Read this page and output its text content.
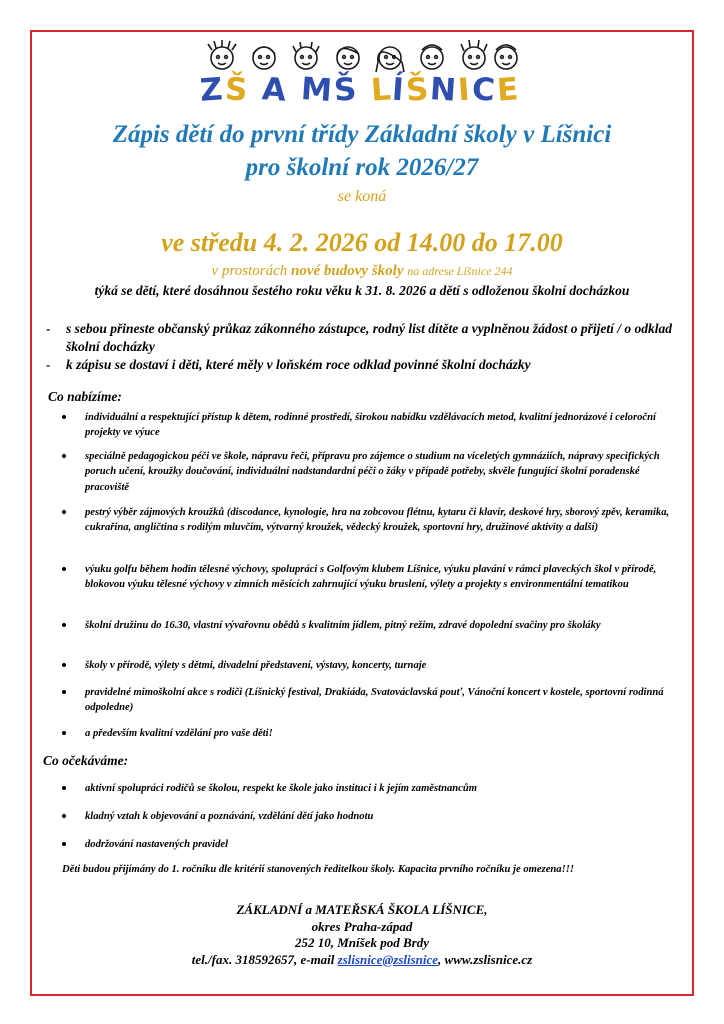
ZŠ A MŠ LÍŠNICE
Zápis dětí do první třídy Základní školy v Líšnici
pro školní rok 2026/27
se koná
ve středu 4. 2. 2026 od 14.00 do 17.00
v prostorách nové budovy školy na adrese Líšnice 244
týká se dětí, které dosáhnou šestého roku věku k 31. 8. 2026 a dětí s odloženou školní docházkou
- s sebou přineste občanský průkaz zákonného zástupce, rodný list dítěte a vyplněnou žádost o přijetí / o odklad školní docházky
- k zápisu se dostaví i děti, které měly v loňském roce odklad povinné školní docházky
Co nabízíme:
individuální a respektující přístup k dětem, rodinné prostředí, širokou nabídku vzdělávacích metod, kvalitní jednorázové i celoroční projekty ve výuce
speciálně pedagogickou péči ve škole, nápravu řeči, přípravu pro zájemce o studium na víceletých gymnáziích, nápravy specifických poruch učení, kroužky doučování, individuální nadstandardní péči o žáky v případě potřeby, skvěle fungující školní poradenské pracoviště
pestrý výběr zájmových kroužků (discodance, kynologie, hra na zobcovou flétnu, kytaru či klavír, deskové hry, sborový zpěv, keramika, cukrařina, angličtina s rodilým mluvčím, výtvarný kroužek, vědecký kroužek, sportovní hry, družinové aktivity a další)
výuku golfu během hodin tělesné výchovy, spolupráci s Golfovým klubem Líšnice, výuku plavání v rámci plaveckých škol v přírodě, blokovou výuku tělesné výchovy v zimních měsících zahrnující výuku bruslení, výlety a projekty s environmentální tematikou
školní družinu do 16.30, vlastní vývařovnu obědů s kvalitním jídlem, pitný režim, zdravé dopolední svačiny pro školáky
školy v přírodě, výlety s dětmi, divadelní představení, výstavy, koncerty, turnaje
pravidelné mimoškolní akce s rodiči (Líšnický festival, Drakiáda, Svatováclavská pouť, Vánoční koncert v kostele, sportovní rodinná odpoledne)
a především kvalitní vzdělání pro vaše děti!
Co očekáváme:
aktivní spolupráci rodičů se školou, respekt ke škole jako instituci i k jejím zaměstnancům
kladný vztah k objevování a poznávání, vzdělání dětí jako hodnotu
dodržování nastavených pravidel
Děti budou přijímány do 1. ročníku dle kritérií stanovených ředitelkou školy. Kapacita prvního ročníku je omezena!!!
ZÁKLADNÍ a MATEŘSKÁ ŠKOLA LÍŠNICE,
okres Praha-západ
252 10, Mníšek pod Brdy
tel./fax. 318592657, e-mail zslisnice@zslisnice, www.zslisnice.cz
